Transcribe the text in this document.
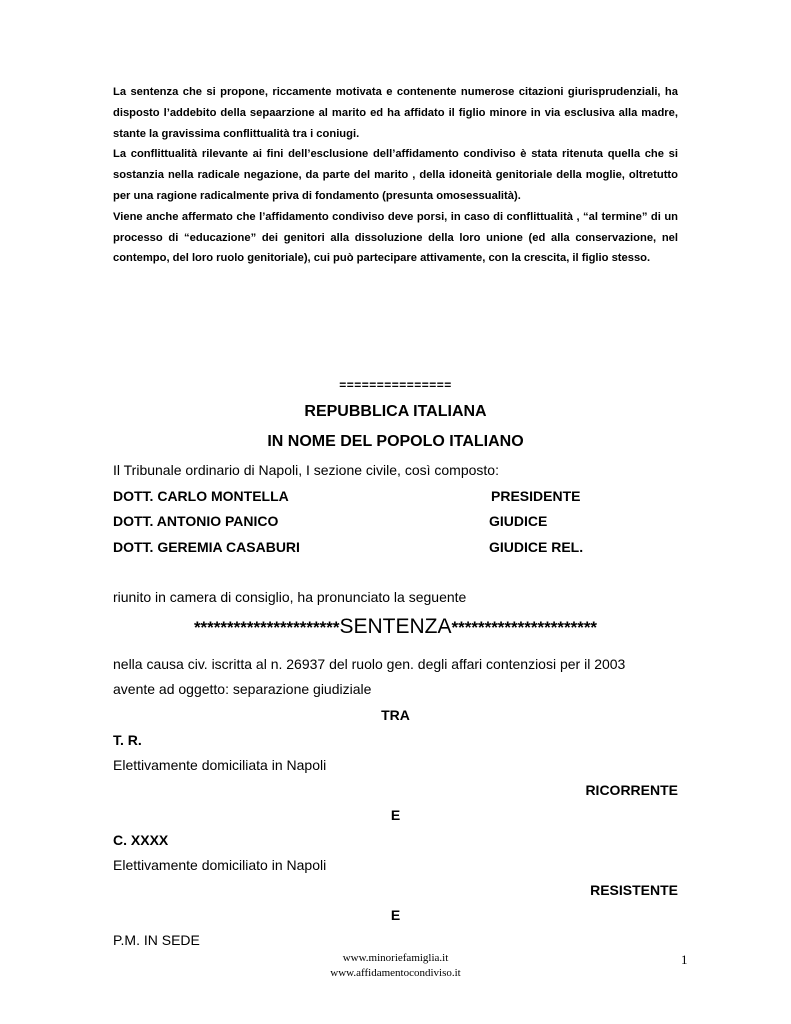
La sentenza che si propone, riccamente motivata e contenente numerose citazioni giurisprudenziali, ha disposto l’addebito della sepaarzione al marito ed ha affidato il figlio minore in via esclusiva alla madre, stante la gravissima conflittualità tra i coniugi.

La conflittualità rilevante ai fini dell’esclusione dell’affidamento condiviso è stata ritenuta quella che si sostanzia nella radicale negazione, da parte del marito , della idoneità genitoriale della moglie, oltretutto per una ragione radicalmente priva di fondamento (presunta omosessualità).

Viene anche affermato che l’affidamento condiviso deve porsi, in caso di conflittualità , “al termine” di un processo di “educazione” dei genitori alla dissoluzione della loro unione (ed alla conservazione, nel contempo, del loro ruolo genitoriale), cui può partecipare attivamente, con la crescita, il figlio stesso.

===============
REPUBBLICA ITALIANA
IN NOME DEL POPOLO ITALIANO
Il Tribunale ordinario di Napoli, I sezione civile, così composto:
DOTT. CARLO MONTELLA	PRESIDENTE
DOTT. ANTONIO PANICO	GIUDICE
DOTT. GEREMIA CASABURI	GIUDICE REL.
riunito in camera di consiglio, ha pronunciato la seguente
**********************SENTENZA**********************
nella causa civ. iscritta al n. 26937 del ruolo gen. degli affari contenziosi per il 2003
avente ad oggetto: separazione giudiziale
TRA
T. R.
Elettivamente domiciliata in Napoli
RICORRENTE
E
C. XXXX
Elettivamente domiciliato in Napoli
RESISTENTE
E
P.M. IN SEDE
www.minoriefamiglia.it
www.affidamentocondiviso.it
1
